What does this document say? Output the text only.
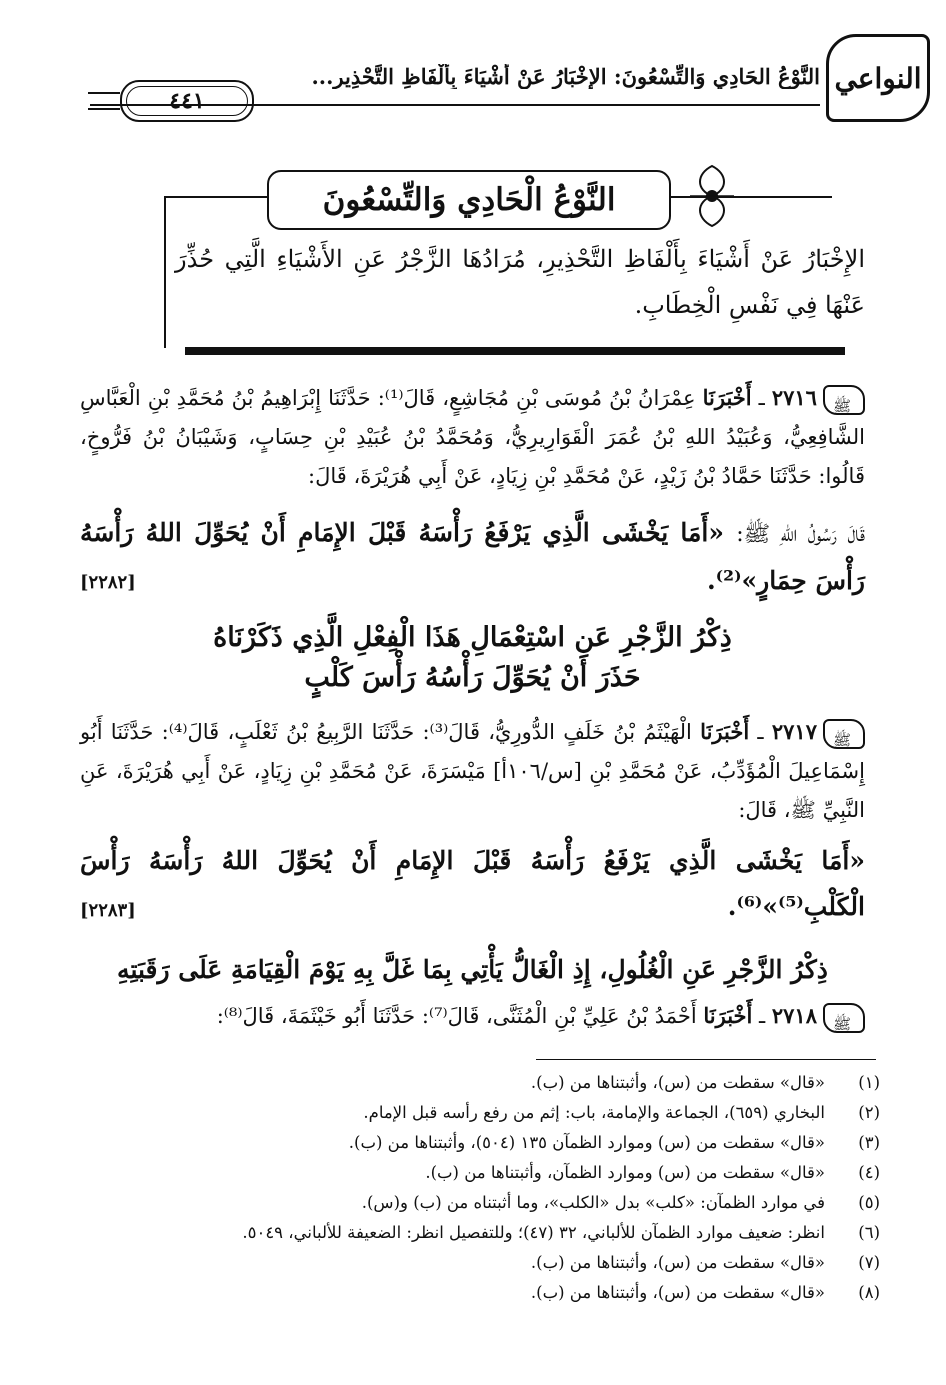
٤٤١
النَّوْعُ الحَادِي وَالتِّسْعُونَ: الإخْبَارُ عَنْ أَشْيَاءَ بِأَلْفَاظِ التَّحْذِيرِ... النواعي
النَّوْعُ الْحَادِي وَالتِّسْعُونَ
الإِخْبَارُ عَنْ أَشْيَاءَ بِأَلْفَاظِ التَّحْذِيرِ، مُرَادُهَا الزَّجْرُ عَنِ الأَشْيَاءِ الَّتِي حُذِّرَ عَنْهَا فِي نَفْسِ الْخِطَابِ.
ﷺ٢٧١٦ ـ أَخْبَرَنَا عِمْرَانُ بْنُ مُوسَى بْنِ مُجَاشِعٍ، قَالَ⁽¹⁾: حَدَّثَنَا إِبْرَاهِيمُ بْنُ مُحَمَّدِ بْنِ الْعَبَّاسِ الشَّافِعِيُّ، وَعُبَيْدُ اللهِ بْنُ عُمَرَ الْقَوَارِيرِيُّ، وَمُحَمَّدُ بْنُ عُبَيْدِ بْنِ حِسَابٍ، وَشَيْبَانُ بْنُ فَرُّوخٍ، قَالُوا: حَدَّثَنَا حَمَّادُ بْنُ زَيْدٍ، عَنْ مُحَمَّدِ بْنِ زِيَادٍ، عَنْ أَبِي هُرَيْرَةَ، قَالَ:
قَالَ رَسُولُ اللهِ ﷺ: «أَمَا يَخْشَى الَّذِي يَرْفَعُ رَأْسَهُ قَبْلَ الإِمَامِ أَنْ يُحَوِّلَ اللهُ رَأْسَهُ رَأْسَ حِمَارٍ»⁽²⁾.
[٢٢٨٢]
ذِكْرُ الزَّجْرِ عَنِ اسْتِعْمَالِ هَذَا الْفِعْلِ الَّذِي ذَكَرْنَاهُ
حَذَرَ أَنْ يُحَوِّلَ رَأْسُهُ رَأْسَ كَلْبٍ
ﷺ٢٧١٧ ـ أَخْبَرَنَا الْهَيْثَمُ بْنُ خَلَفٍ الدُّورِيُّ، قَالَ⁽³⁾: حَدَّثَنَا الرَّبِيعُ بْنُ ثَعْلَبٍ، قَالَ⁽⁴⁾: حَدَّثَنَا أَبُو إِسْمَاعِيلَ الْمُؤَدِّبُ، عَنْ مُحَمَّدِ بْنِ [س/١٠٦أ] مَيْسَرَةَ، عَنْ مُحَمَّدِ بْنِ زِيَادٍ، عَنْ أَبِي هُرَيْرَةَ، عَنِ النَّبِيِّ ﷺ، قَالَ:
«أَمَا يَخْشَى الَّذِي يَرْفَعُ رَأْسَهُ قَبْلَ الإِمَامِ أَنْ يُحَوِّلَ اللهُ رَأْسَهُ رَأْسَ الْكَلْبِ⁽⁵⁾»⁽⁶⁾.
[٢٢٨٣]
ذِكْرُ الزَّجْرِ عَنِ الْغُلُولِ، إِذِ الْغَالُّ يَأْتِي بِمَا غَلَّ بِهِ يَوْمَ الْقِيَامَةِ عَلَى رَقَبَتِهِ
ﷺ٢٧١٨ ـ أَخْبَرَنَا أَحْمَدُ بْنُ عَلِيِّ بْنِ الْمُثَنَّى، قَالَ⁽⁷⁾: حَدَّثَنَا أَبُو خَيْثَمَةَ، قَالَ⁽⁸⁾:
(١)
«قال» سقطت من (س)، وأثبتناها من (ب).
(٢)
البخاري (٦٥٩)، الجماعة والإمامة، باب: إثم من رفع رأسه قبل الإمام.
(٣)
«قال» سقطت من (س) وموارد الظمآن ١٣٥ (٥٠٤)، وأثبتناها من (ب).
(٤)
«قال» سقطت من (س) وموارد الظمآن، وأثبتناها من (ب).
(٥)
في موارد الظمآن: «كلب» بدل «الكلب»، وما أثبتناه من (ب) و(س).
(٦)
انظر: ضعيف موارد الظمآن للألباني، ٣٢ (٤٧)؛ وللتفصيل انظر: الضعيفة للألباني، ٥٠٤٩.
(٧)
«قال» سقطت من (س)، وأثبتناها من (ب).
(٨)
«قال» سقطت من (س)، وأثبتناها من (ب).
